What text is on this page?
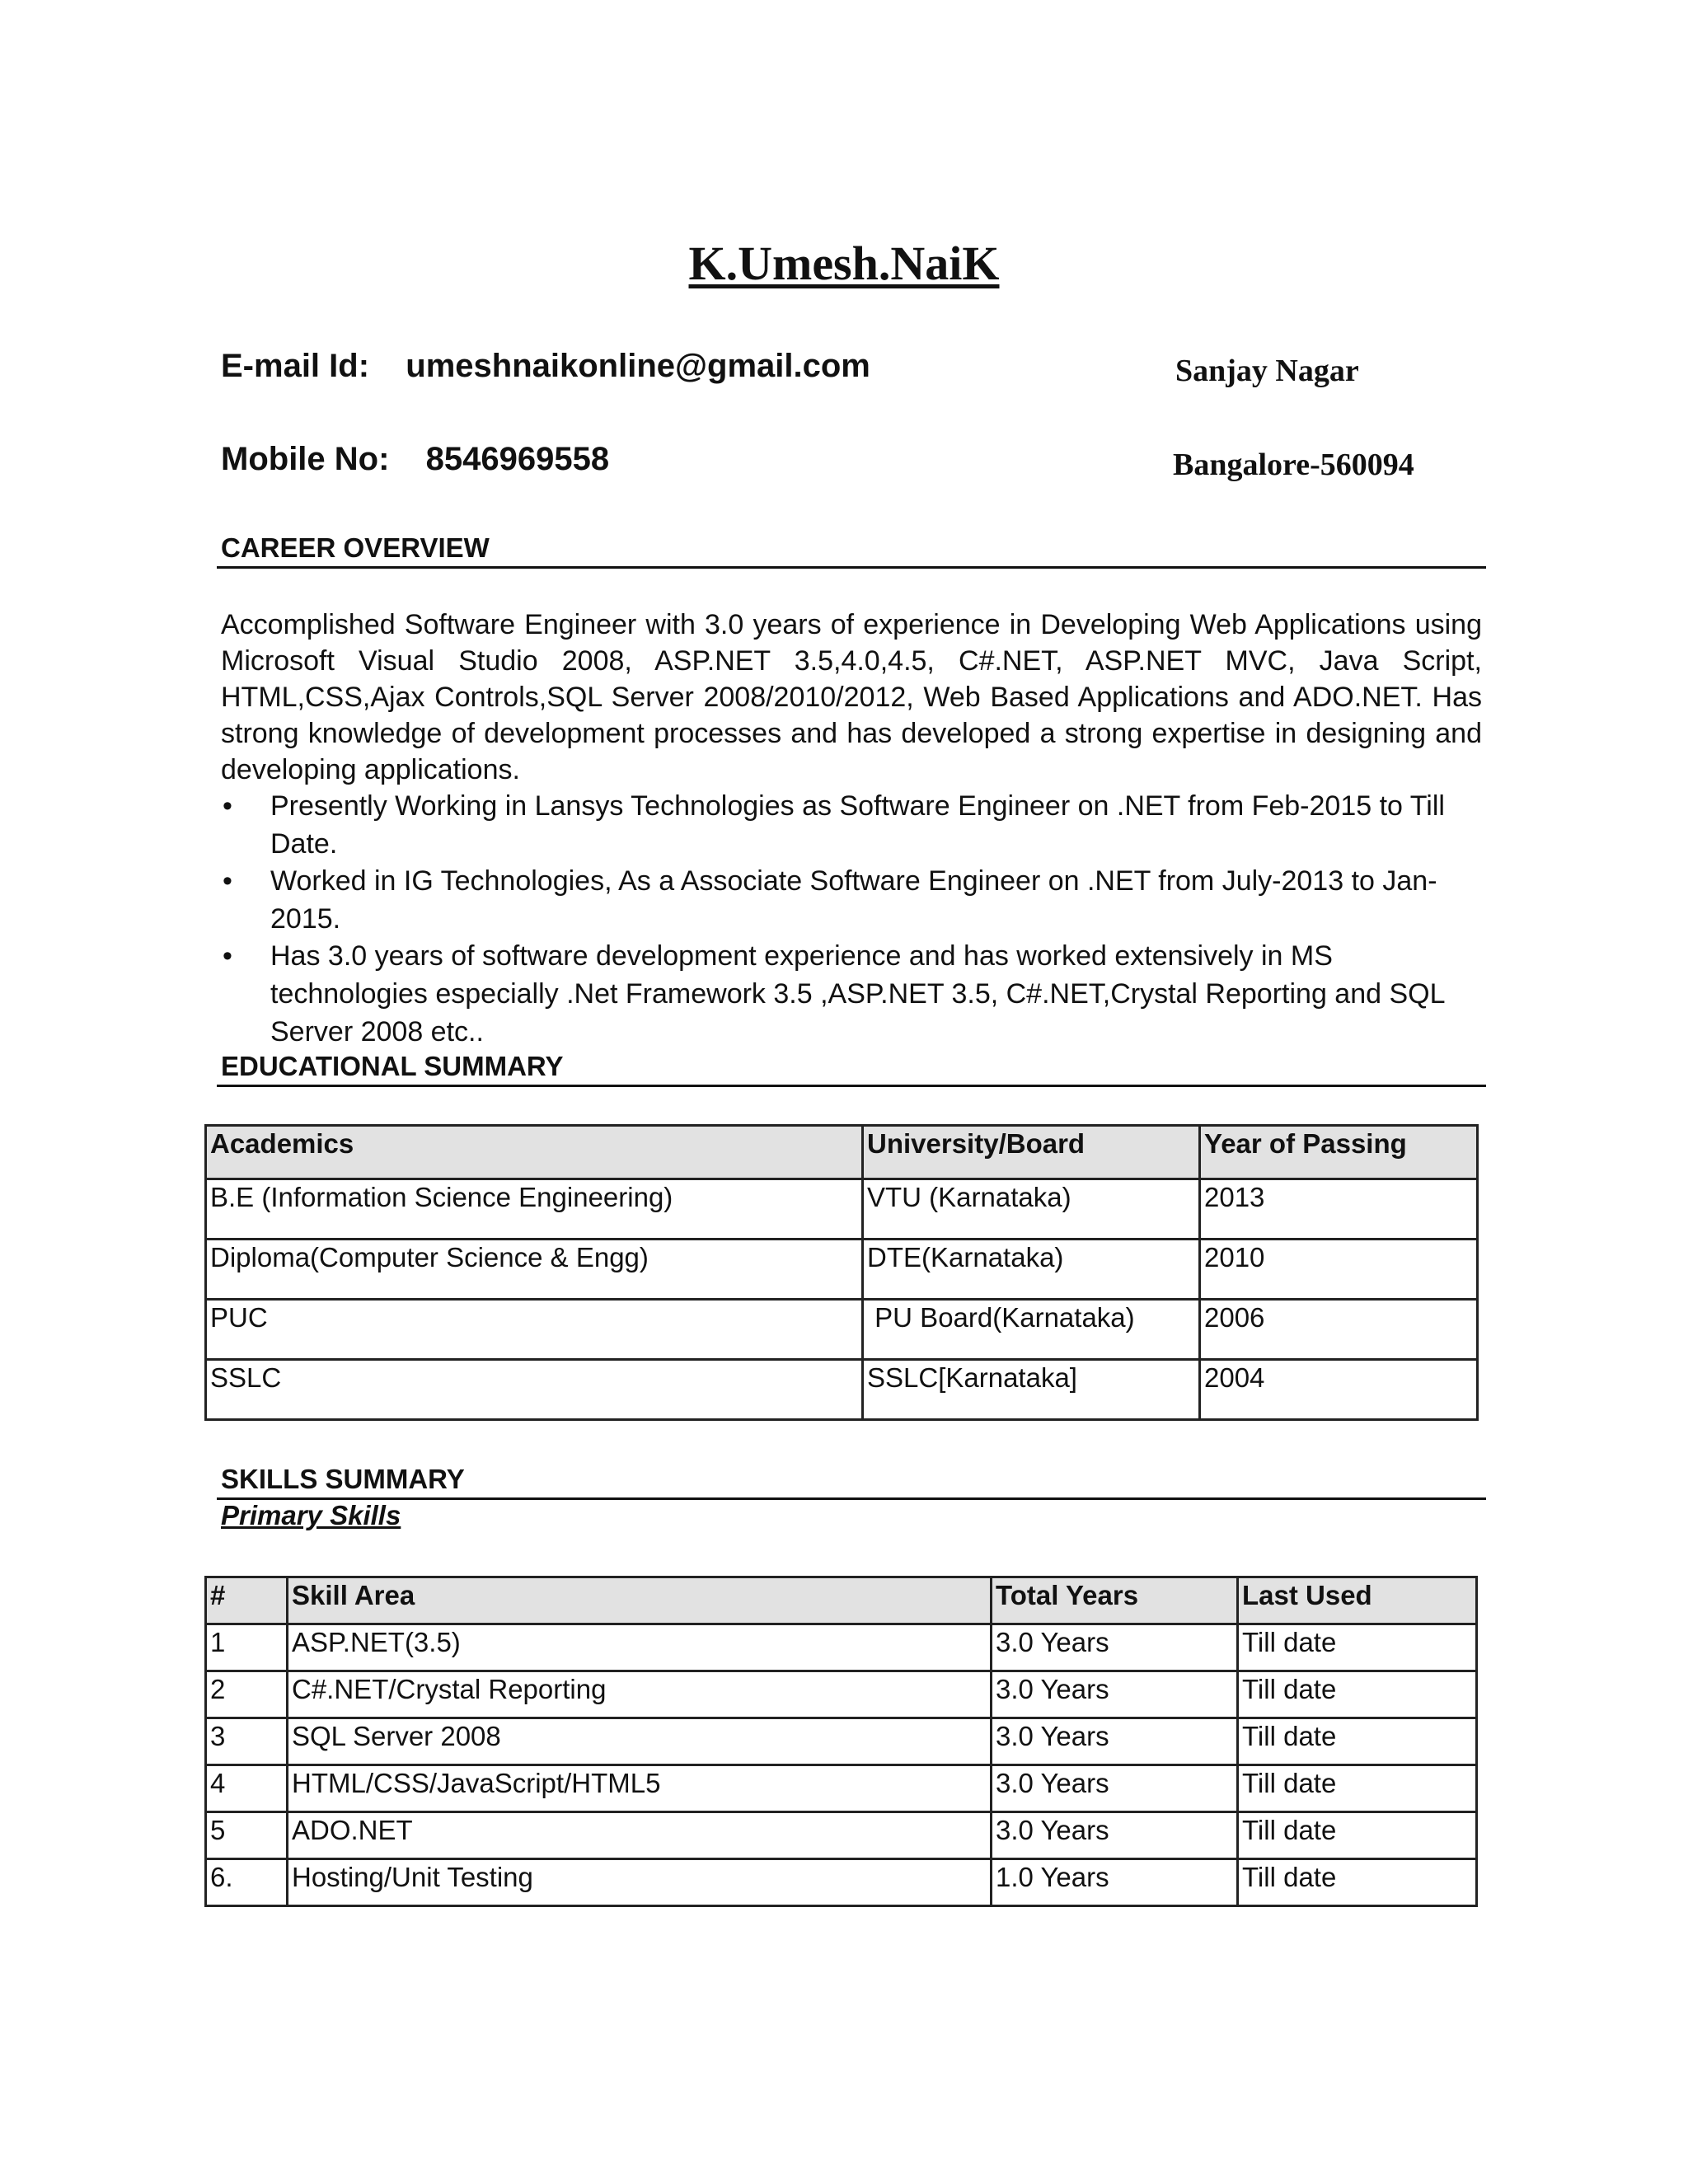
K.Umesh.NaiK
E-mail Id: umeshnaikonline@gmail.com	Sanjay Nagar
Mobile No: 8546969558	Bangalore-560094
CAREER OVERVIEW
Accomplished Software Engineer with 3.0 years of experience in Developing Web Applications using Microsoft Visual Studio 2008, ASP.NET 3.5,4.0,4.5, C#.NET, ASP.NET MVC, Java Script, HTML,CSS,Ajax Controls,SQL Server 2008/2010/2012, Web Based Applications and ADO.NET. Has strong knowledge of development processes and has developed a strong expertise in designing and developing applications.
• Presently Working in Lansys Technologies as Software Engineer on .NET from Feb-2015 to Till Date.
• Worked in IG Technologies, As a Associate Software Engineer on .NET from July-2013 to Jan-2015.
• Has 3.0 years of software development experience and has worked extensively in MS technologies especially .Net Framework 3.5 ,ASP.NET 3.5, C#.NET,Crystal Reporting and SQL Server 2008 etc..
EDUCATIONAL SUMMARY
Academics	University/Board	Year of Passing
B.E (Information Science Engineering)	VTU (Karnataka)	2013
Diploma(Computer Science & Engg)	DTE(Karnataka)	2010
PUC	PU Board(Karnataka)	2006
SSLC	SSLC[Karnataka]	2004
SKILLS SUMMARY
Primary Skills
#	Skill Area	Total Years	Last Used
1	ASP.NET(3.5)	3.0 Years	Till date
2	C#.NET/Crystal Reporting	3.0 Years	Till date
3	SQL Server 2008	3.0 Years	Till date
4	HTML/CSS/JavaScript/HTML5	3.0 Years	Till date
5	ADO.NET	3.0 Years	Till date
6.	Hosting/Unit Testing	1.0 Years	Till date
